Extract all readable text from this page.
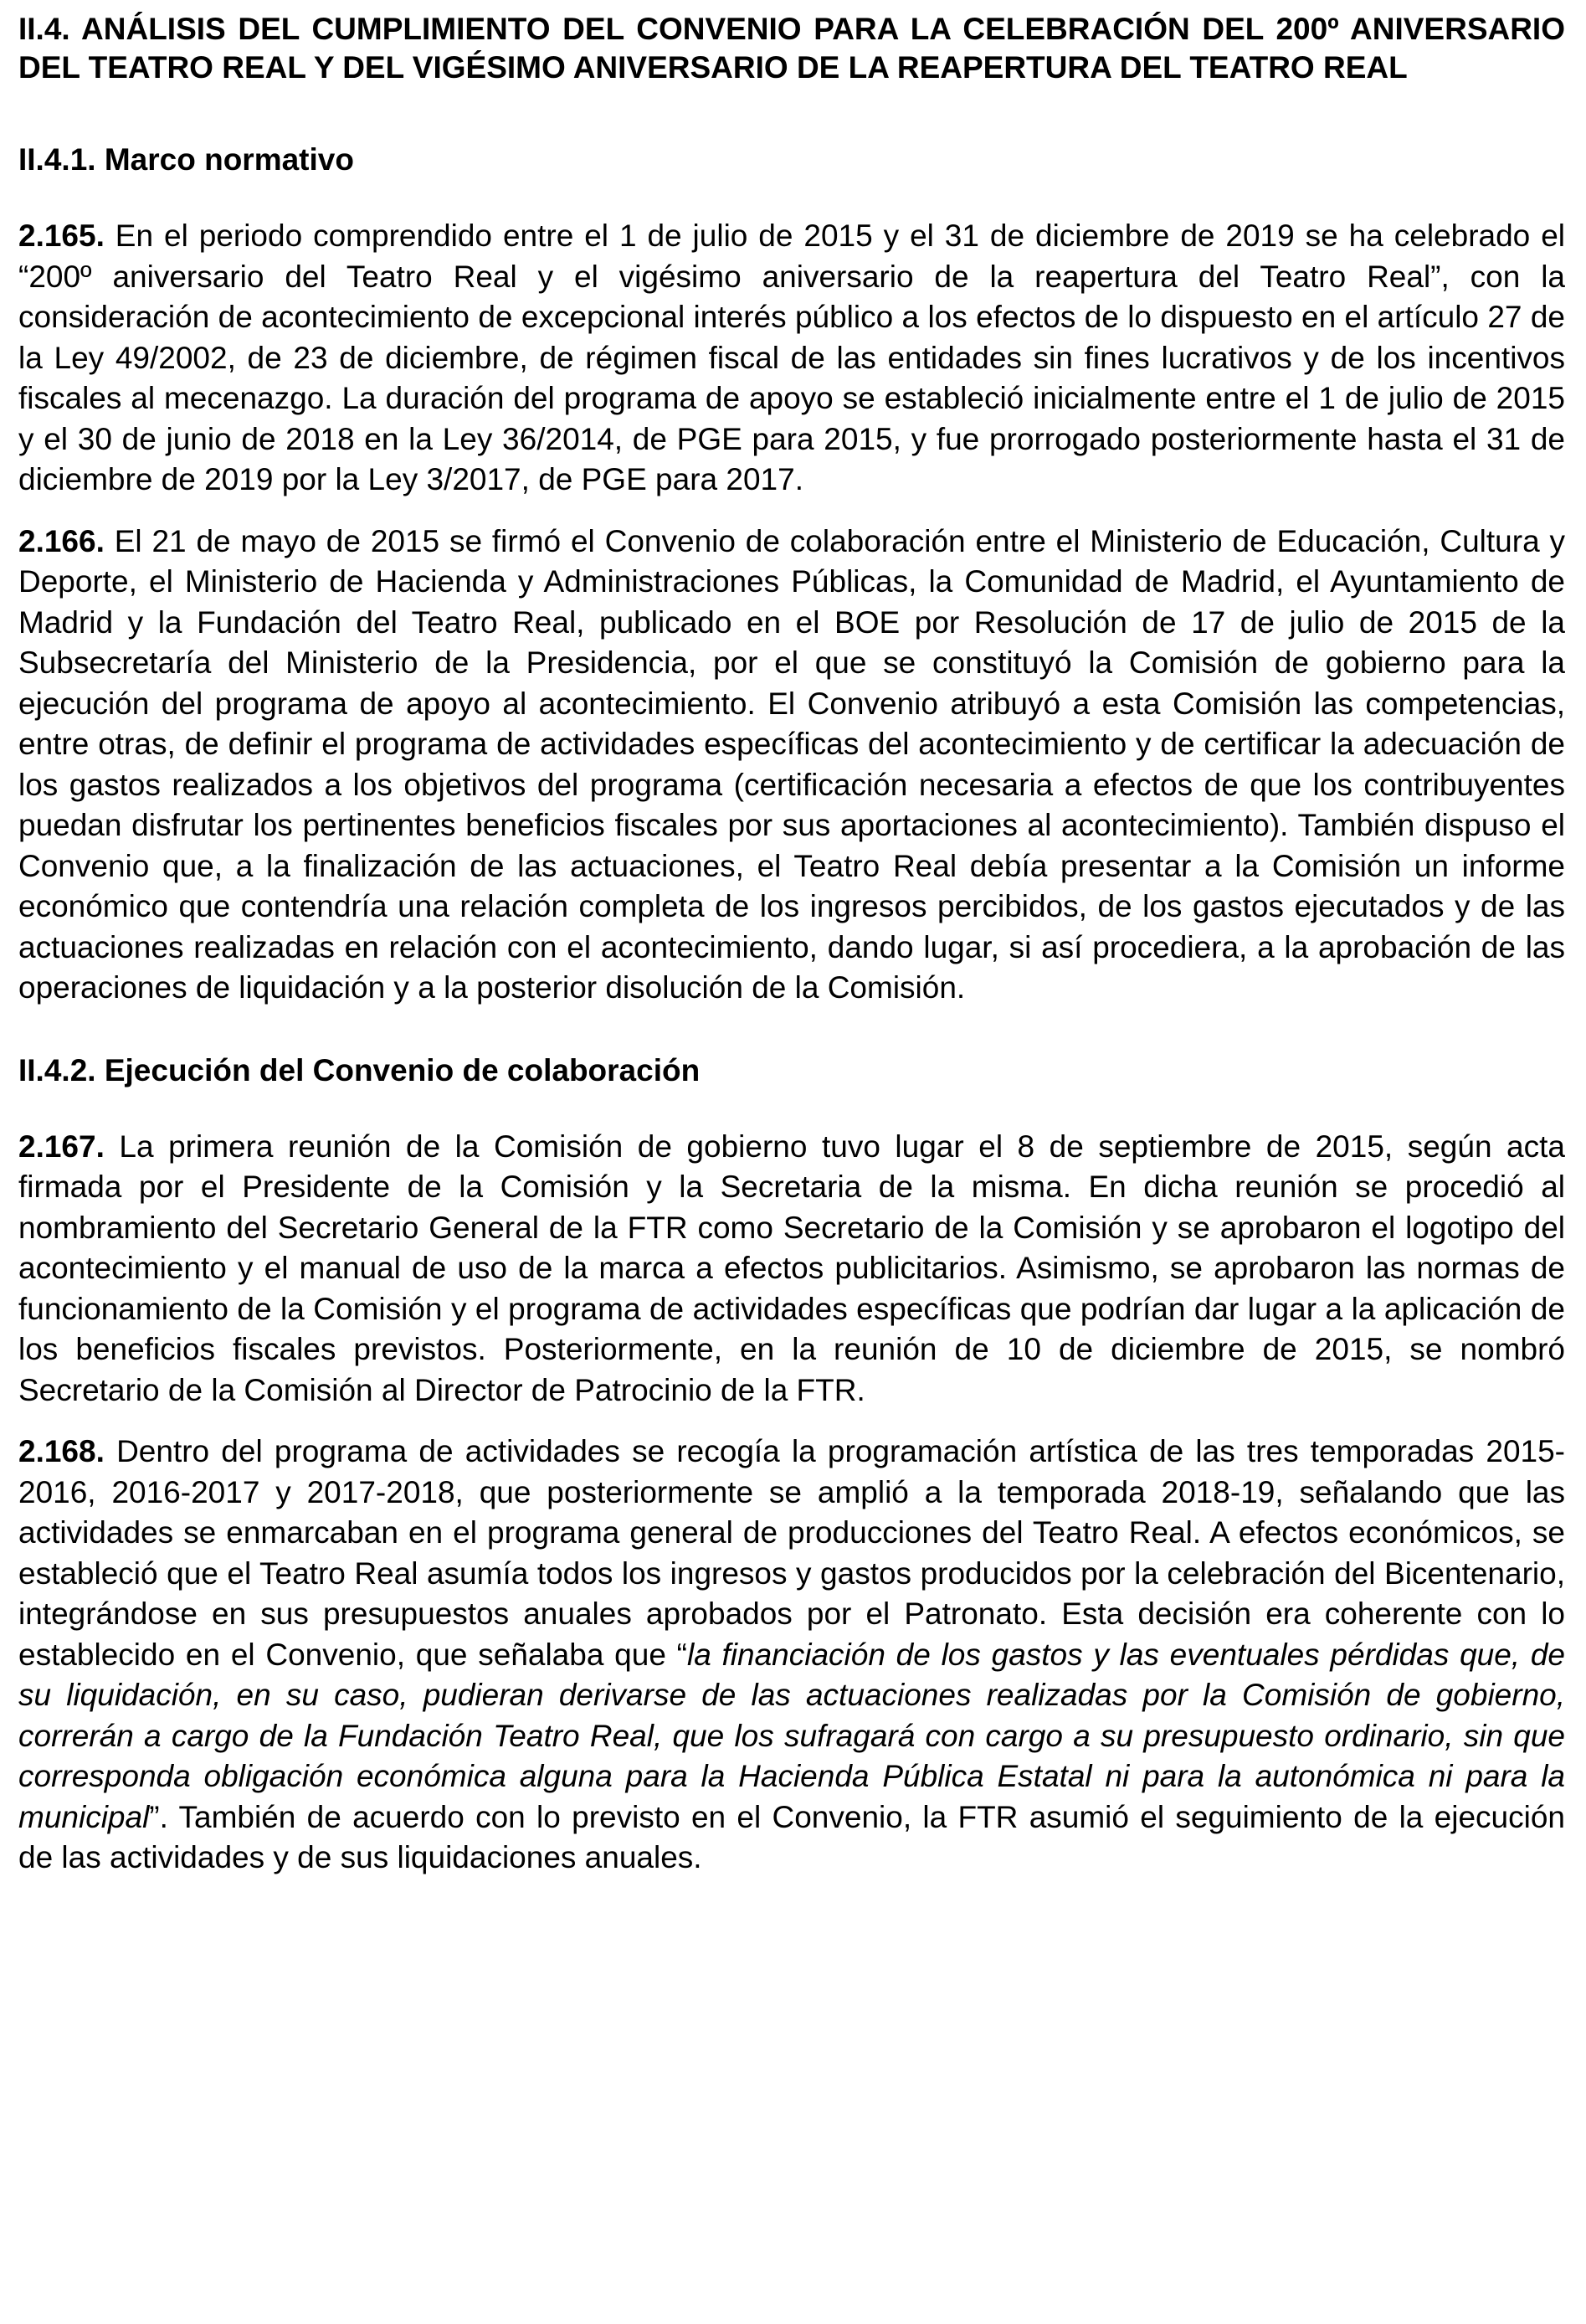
II.4. ANÁLISIS DEL CUMPLIMIENTO DEL CONVENIO PARA LA CELEBRACIÓN DEL 200º ANIVERSARIO DEL TEATRO REAL Y DEL VIGÉSIMO ANIVERSARIO DE LA REAPERTURA DEL TEATRO REAL
II.4.1. Marco normativo

2.165. En el periodo comprendido entre el 1 de julio de 2015 y el 31 de diciembre de 2019 se ha celebrado el “200º aniversario del Teatro Real y el vigésimo aniversario de la reapertura del Teatro Real”, con la consideración de acontecimiento de excepcional interés público a los efectos de lo dispuesto en el artículo 27 de la Ley 49/2002, de 23 de diciembre, de régimen fiscal de las entidades sin fines lucrativos y de los incentivos fiscales al mecenazgo. La duración del programa de apoyo se estableció inicialmente entre el 1 de julio de 2015 y el 30 de junio de 2018 en la Ley 36/2014, de PGE para 2015, y fue prorrogado posteriormente hasta el 31 de diciembre de 2019 por la Ley 3/2017, de PGE para 2017.

2.166. El 21 de mayo de 2015 se firmó el Convenio de colaboración entre el Ministerio de Educación, Cultura y Deporte, el Ministerio de Hacienda y Administraciones Públicas, la Comunidad de Madrid, el Ayuntamiento de Madrid y la Fundación del Teatro Real, publicado en el BOE por Resolución de 17 de julio de 2015 de la Subsecretaría del Ministerio de la Presidencia, por el que se constituyó la Comisión de gobierno para la ejecución del programa de apoyo al acontecimiento. El Convenio atribuyó a esta Comisión las competencias, entre otras, de definir el programa de actividades específicas del acontecimiento y de certificar la adecuación de los gastos realizados a los objetivos del programa (certificación necesaria a efectos de que los contribuyentes puedan disfrutar los pertinentes beneficios fiscales por sus aportaciones al acontecimiento). También dispuso el Convenio que, a la finalización de las actuaciones, el Teatro Real debía presentar a la Comisión un informe económico que contendría una relación completa de los ingresos percibidos, de los gastos ejecutados y de las actuaciones realizadas en relación con el acontecimiento, dando lugar, si así procediera, a la aprobación de las operaciones de liquidación y a la posterior disolución de la Comisión.

II.4.2. Ejecución del Convenio de colaboración

2.167. La primera reunión de la Comisión de gobierno tuvo lugar el 8 de septiembre de 2015, según acta firmada por el Presidente de la Comisión y la Secretaria de la misma. En dicha reunión se procedió al nombramiento del Secretario General de la FTR como Secretario de la Comisión y se aprobaron el logotipo del acontecimiento y el manual de uso de la marca a efectos publicitarios. Asimismo, se aprobaron las normas de funcionamiento de la Comisión y el programa de actividades específicas que podrían dar lugar a la aplicación de los beneficios fiscales previstos. Posteriormente, en la reunión de 10 de diciembre de 2015, se nombró Secretario de la Comisión al Director de Patrocinio de la FTR.

2.168. Dentro del programa de actividades se recogía la programación artística de las tres temporadas 2015-2016, 2016-2017 y 2017-2018, que posteriormente se amplió a la temporada 2018-19, señalando que las actividades se enmarcaban en el programa general de producciones del Teatro Real. A efectos económicos, se estableció que el Teatro Real asumía todos los ingresos y gastos producidos por la celebración del Bicentenario, integrándose en sus presupuestos anuales aprobados por el Patronato. Esta decisión era coherente con lo establecido en el Convenio, que señalaba que “la financiación de los gastos y las eventuales pérdidas que, de su liquidación, en su caso, pudieran derivarse de las actuaciones realizadas por la Comisión de gobierno, correrán a cargo de la Fundación Teatro Real, que los sufragará con cargo a su presupuesto ordinario, sin que corresponda obligación económica alguna para la Hacienda Pública Estatal ni para la autonómica ni para la municipal”. También de acuerdo con lo previsto en el Convenio, la FTR asumió el seguimiento de la ejecución de las actividades y de sus liquidaciones anuales.
